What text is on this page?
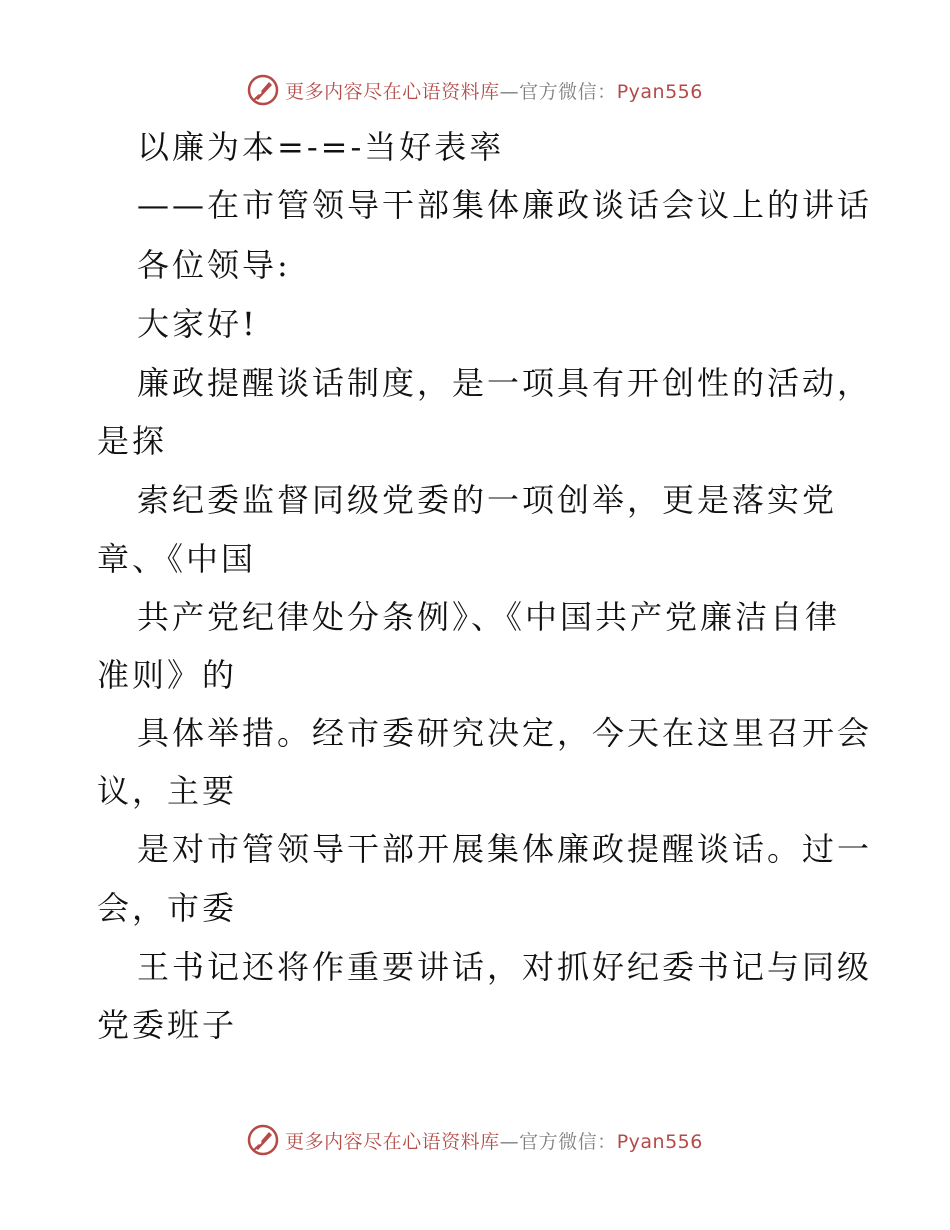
更多内容尽在心语资料库—官方微信：Pyan556
以廉为本=-=-当好表率
——在市管领导干部集体廉政谈话会议上的讲话
各位领导:
大家好!
廉政提醒谈话制度，是一项具有开创性的活动，
是探
索纪委监督同级党委的一项创举，更是落实党
章、《中国
共产党纪律处分条例》、《中国共产党廉洁自律
准则》的
具体举措。经市委研究决定，今天在这里召开会
议，主要
是对市管领导干部开展集体廉政提醒谈话。过一
会，市委
王书记还将作重要讲话，对抓好纪委书记与同级
党委班子
更多内容尽在心语资料库—官方微信：Pyan556
